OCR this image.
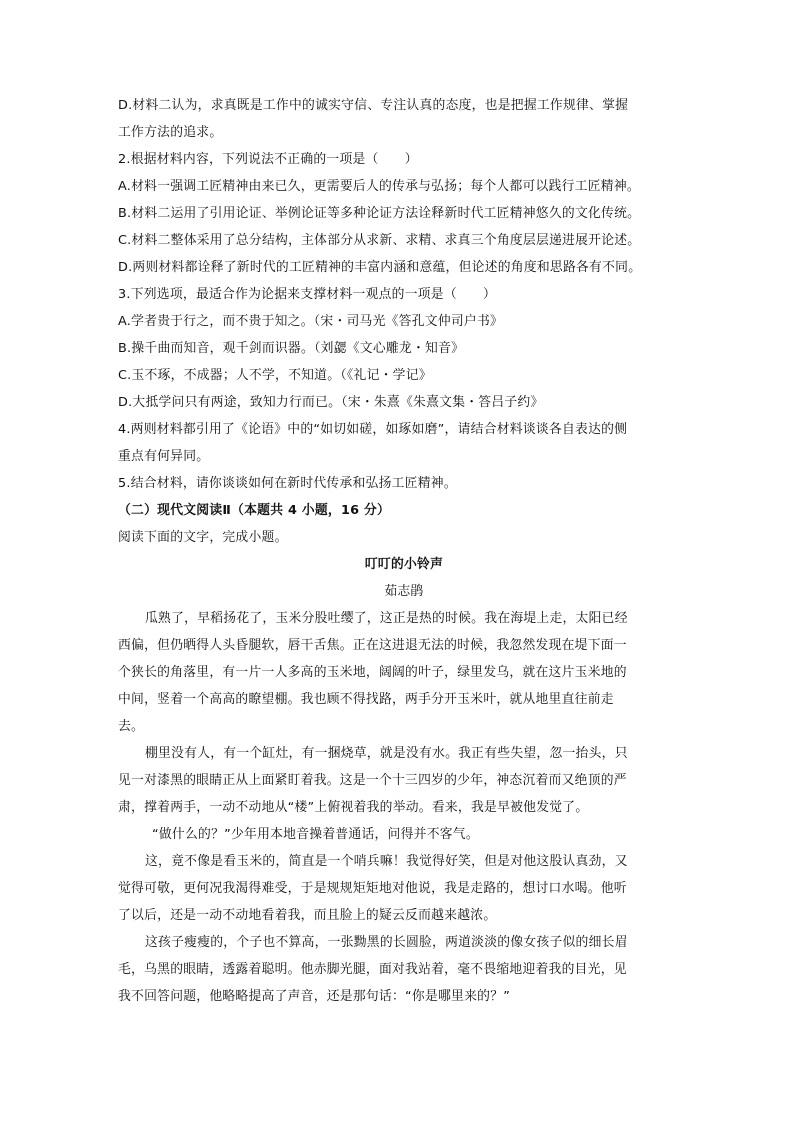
D.材料二认为，求真既是工作中的诚实守信、专注认真的态度，也是把握工作规律、掌握

工作方法的追求。

2.根据材料内容，下列说法不正确的一项是（　　）

A.材料一强调工匠精神由来已久，更需要后人的传承与弘扬；每个人都可以践行工匠精神。

B.材料二运用了引用论证、举例论证等多种论证方法诠释新时代工匠精神悠久的文化传统。

C.材料二整体采用了总分结构，主体部分从求新、求精、求真三个角度层层递进展开论述。

D.两则材料都诠释了新时代的工匠精神的丰富内涵和意蕴，但论述的角度和思路各有不同。

3.下列选项，最适合作为论据来支撑材料一观点的一项是（　　）

A.学者贵于行之，而不贵于知之。（宋・司马光《答孔文仲司户书》

B.操千曲而知音，观千剑而识器。（刘勰《文心雕龙・知音》

C.玉不琢，不成器；人不学，不知道。（《礼记・学记》

D.大抵学问只有两途，致知力行而已。（宋・朱熹《朱熹文集・答吕子约》

4.两则材料都引用了《论语》中的“如切如磋，如琢如磨”，请结合材料谈谈各自表达的侧

重点有何异同。

5.结合材料，请你谈谈如何在新时代传承和弘扬工匠精神。

（二）现代文阅读Ⅱ（本题共 4 小题，16 分）

阅读下面的文字，完成小题。

叮叮的小铃声

茹志鹃

瓜熟了，早稻扬花了，玉米分股吐缨了，这正是热的时候。我在海堤上走，太阳已经

西偏，但仍晒得人头昏腿软，唇干舌焦。正在这进退无法的时候，我忽然发现在堤下面一

个狭长的角落里，有一片一人多高的玉米地，阔阔的叶子，绿里发乌，就在这片玉米地的

中间，竖着一个高高的瞭望棚。我也顾不得找路，两手分开玉米叶，就从地里直往前走

去。

棚里没有人，有一个缸灶，有一捆烧草，就是没有水。我正有些失望，忽一抬头，只

见一对漆黑的眼睛正从上面紧盯着我。这是一个十三四岁的少年，神态沉着而又绝顶的严

肃，撑着两手，一动不动地从“楼”上俯视着我的举动。看来，我是早被他发觉了。

“做什么的？”少年用本地音操着普通话，问得并不客气。

这，竟不像是看玉米的，简直是一个哨兵嘛！我觉得好笑，但是对他这股认真劲，又

觉得可敬，更何况我渴得难受，于是规规矩矩地对他说，我是走路的，想讨口水喝。他听

了以后，还是一动不动地看着我，而且脸上的疑云反而越来越浓。

这孩子瘦瘦的，个子也不算高，一张黝黑的长圆脸，两道淡淡的像女孩子似的细长眉

毛，乌黑的眼睛，透露着聪明。他赤脚光腿，面对我站着，毫不畏缩地迎着我的目光，见

我不回答问题，他略略提高了声音，还是那句话：“你是哪里来的？”
